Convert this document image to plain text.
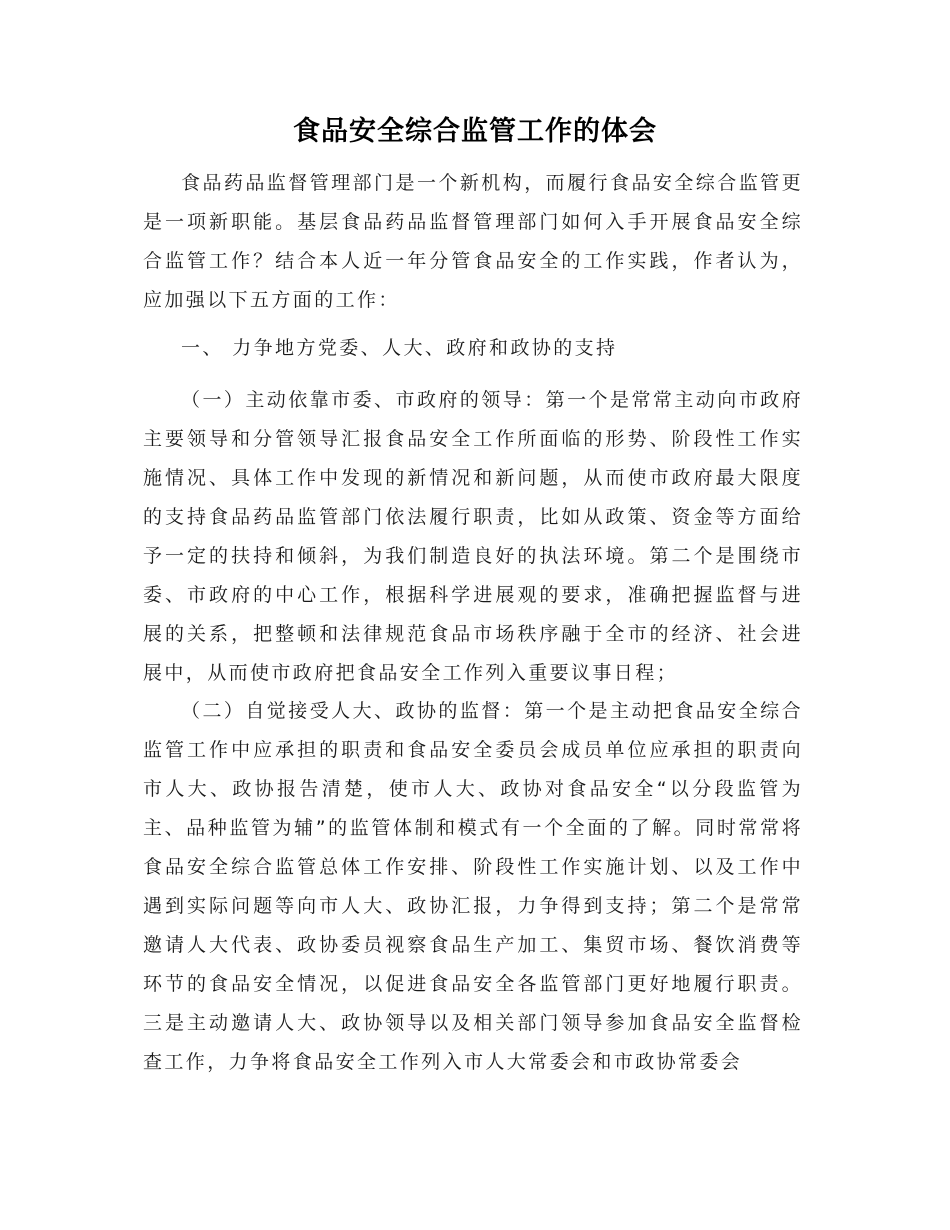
食品安全综合监管工作的体会

食品药品监督管理部门是一个新机构，而履行食品安全综合监管更是一项新职能。基层食品药品监督管理部门如何入手开展食品安全综合监管工作？结合本人近一年分管食品安全的工作实践，作者认为，应加强以下五方面的工作：

一、 力争地方党委、人大、政府和政协的支持

（一）主动依靠市委、市政府的领导：第一个是常常主动向市政府主要领导和分管领导汇报食品安全工作所面临的形势、阶段性工作实施情况、具体工作中发现的新情况和新问题，从而使市政府最大限度的支持食品药品监管部门依法履行职责，比如从政策、资金等方面给予一定的扶持和倾斜，为我们制造良好的执法环境。第二个是围绕市委、市政府的中心工作，根据科学进展观的要求，准确把握监督与进展的关系，把整顿和法律规范食品市场秩序融于全市的经济、社会进展中，从而使市政府把食品安全工作列入重要议事日程；

（二）自觉接受人大、政协的监督：第一个是主动把食品安全综合监管工作中应承担的职责和食品安全委员会成员单位应承担的职责向市人大、政协报告清楚，使市人大、政协对食品安全“以分段监管为主、品种监管为辅”的监管体制和模式有一个全面的了解。同时常常将食品安全综合监管总体工作安排、阶段性工作实施计划、以及工作中遇到实际问题等向市人大、政协汇报，力争得到支持；第二个是常常邀请人大代表、政协委员视察食品生产加工、集贸市场、餐饮消费等环节的食品安全情况，以促进食品安全各监管部门更好地履行职责。三是主动邀请人大、政协领导以及相关部门领导参加食品安全监督检查工作，力争将食品安全工作列入市人大常委会和市政协常委会
